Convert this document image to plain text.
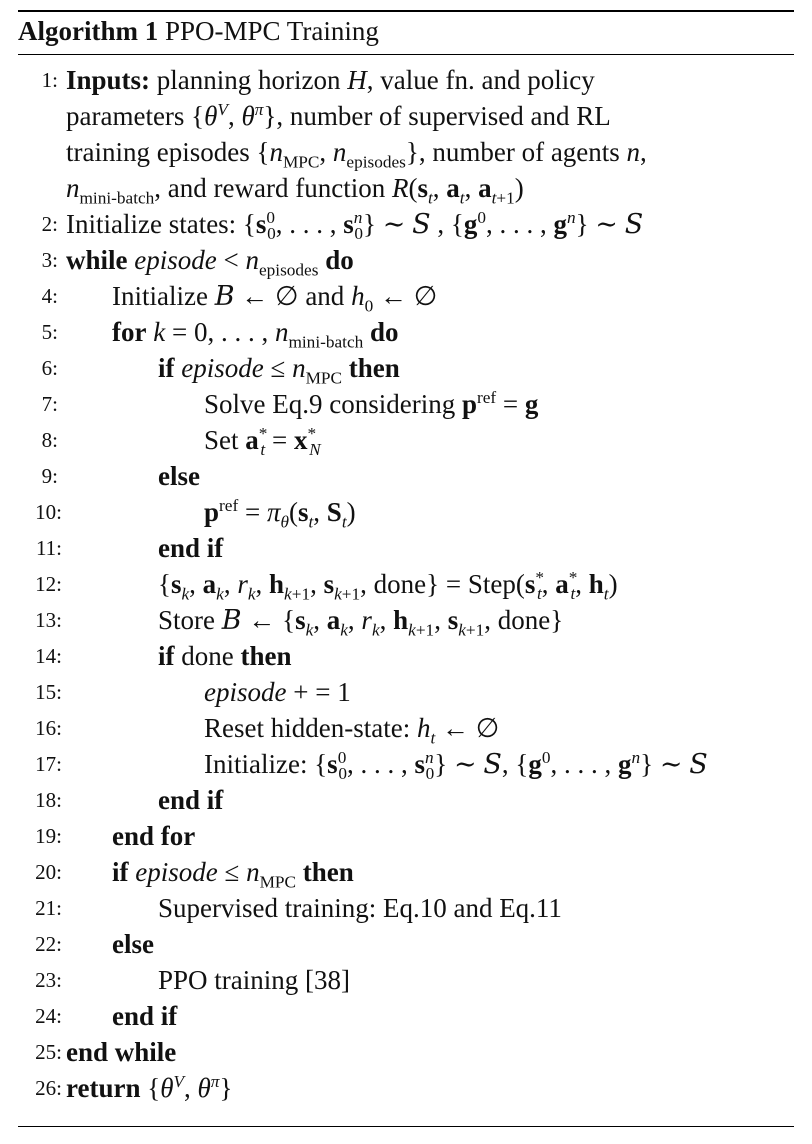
Algorithm 1 PPO-MPC Training
1: Inputs: planning horizon H, value fn. and policy
parameters {$\theta^V$, $\theta^\pi$}, number of supervised and RL
training episodes {$n_{MPC}$, $n_{episodes}$}, number of agents n,
$n_{mini-batch}$, and reward function $R(s_t$, $a_t$, $a_{t+1}$)
2: Initialize states: {$s^0_0$, . . . , $s^n_0$} ∼ S , {$g^0$, . . . , $g^n$} ∼ S
3: while episode < $n_{episodes}$ do
4: Initialize B ← ∅ and $h_0$ ← ∅
5: for k = 0, . . . , $n_{mini-batch}$ do
6:	if episode ≤ $n_{MPC}$ then
7:	Solve Eq.9 considering $p^{ref} = g$
8:	Set $a^*_t = x^*_N$
9:	else
10:	$p^{ref} = \pi_\theta(s_t$, $S_t$)
11:	end if
12:	{$s_k$, $a_k$, $r_k$, $h_{k+1}$, $s_{k+1}$, done} = $Step(s^*_t$, $a^*_t$, $h_t$)
13:	Store B ← {$s_k$, $a_k$, $r_k$, $h_{k+1}$, $s_{k+1}$, done}
14:	if done then
15:	episode + = 1
16:	Reset hidden-state: $h_t$ ← ∅
17:	Initialize: {$s^0_0$, . . . , $s^n_0$} ∼ S, {$g^0$, . . . , $g^n$} ∼ S
18:	end if
19: end for
20: if episode ≤ $n_{MPC}$ then
21:	Supervised training: Eq.10 and Eq.11
22: else
23:	PPO training [38]
24: end if
25: end while
26: return {$\theta^V$, $\theta^\pi$}
